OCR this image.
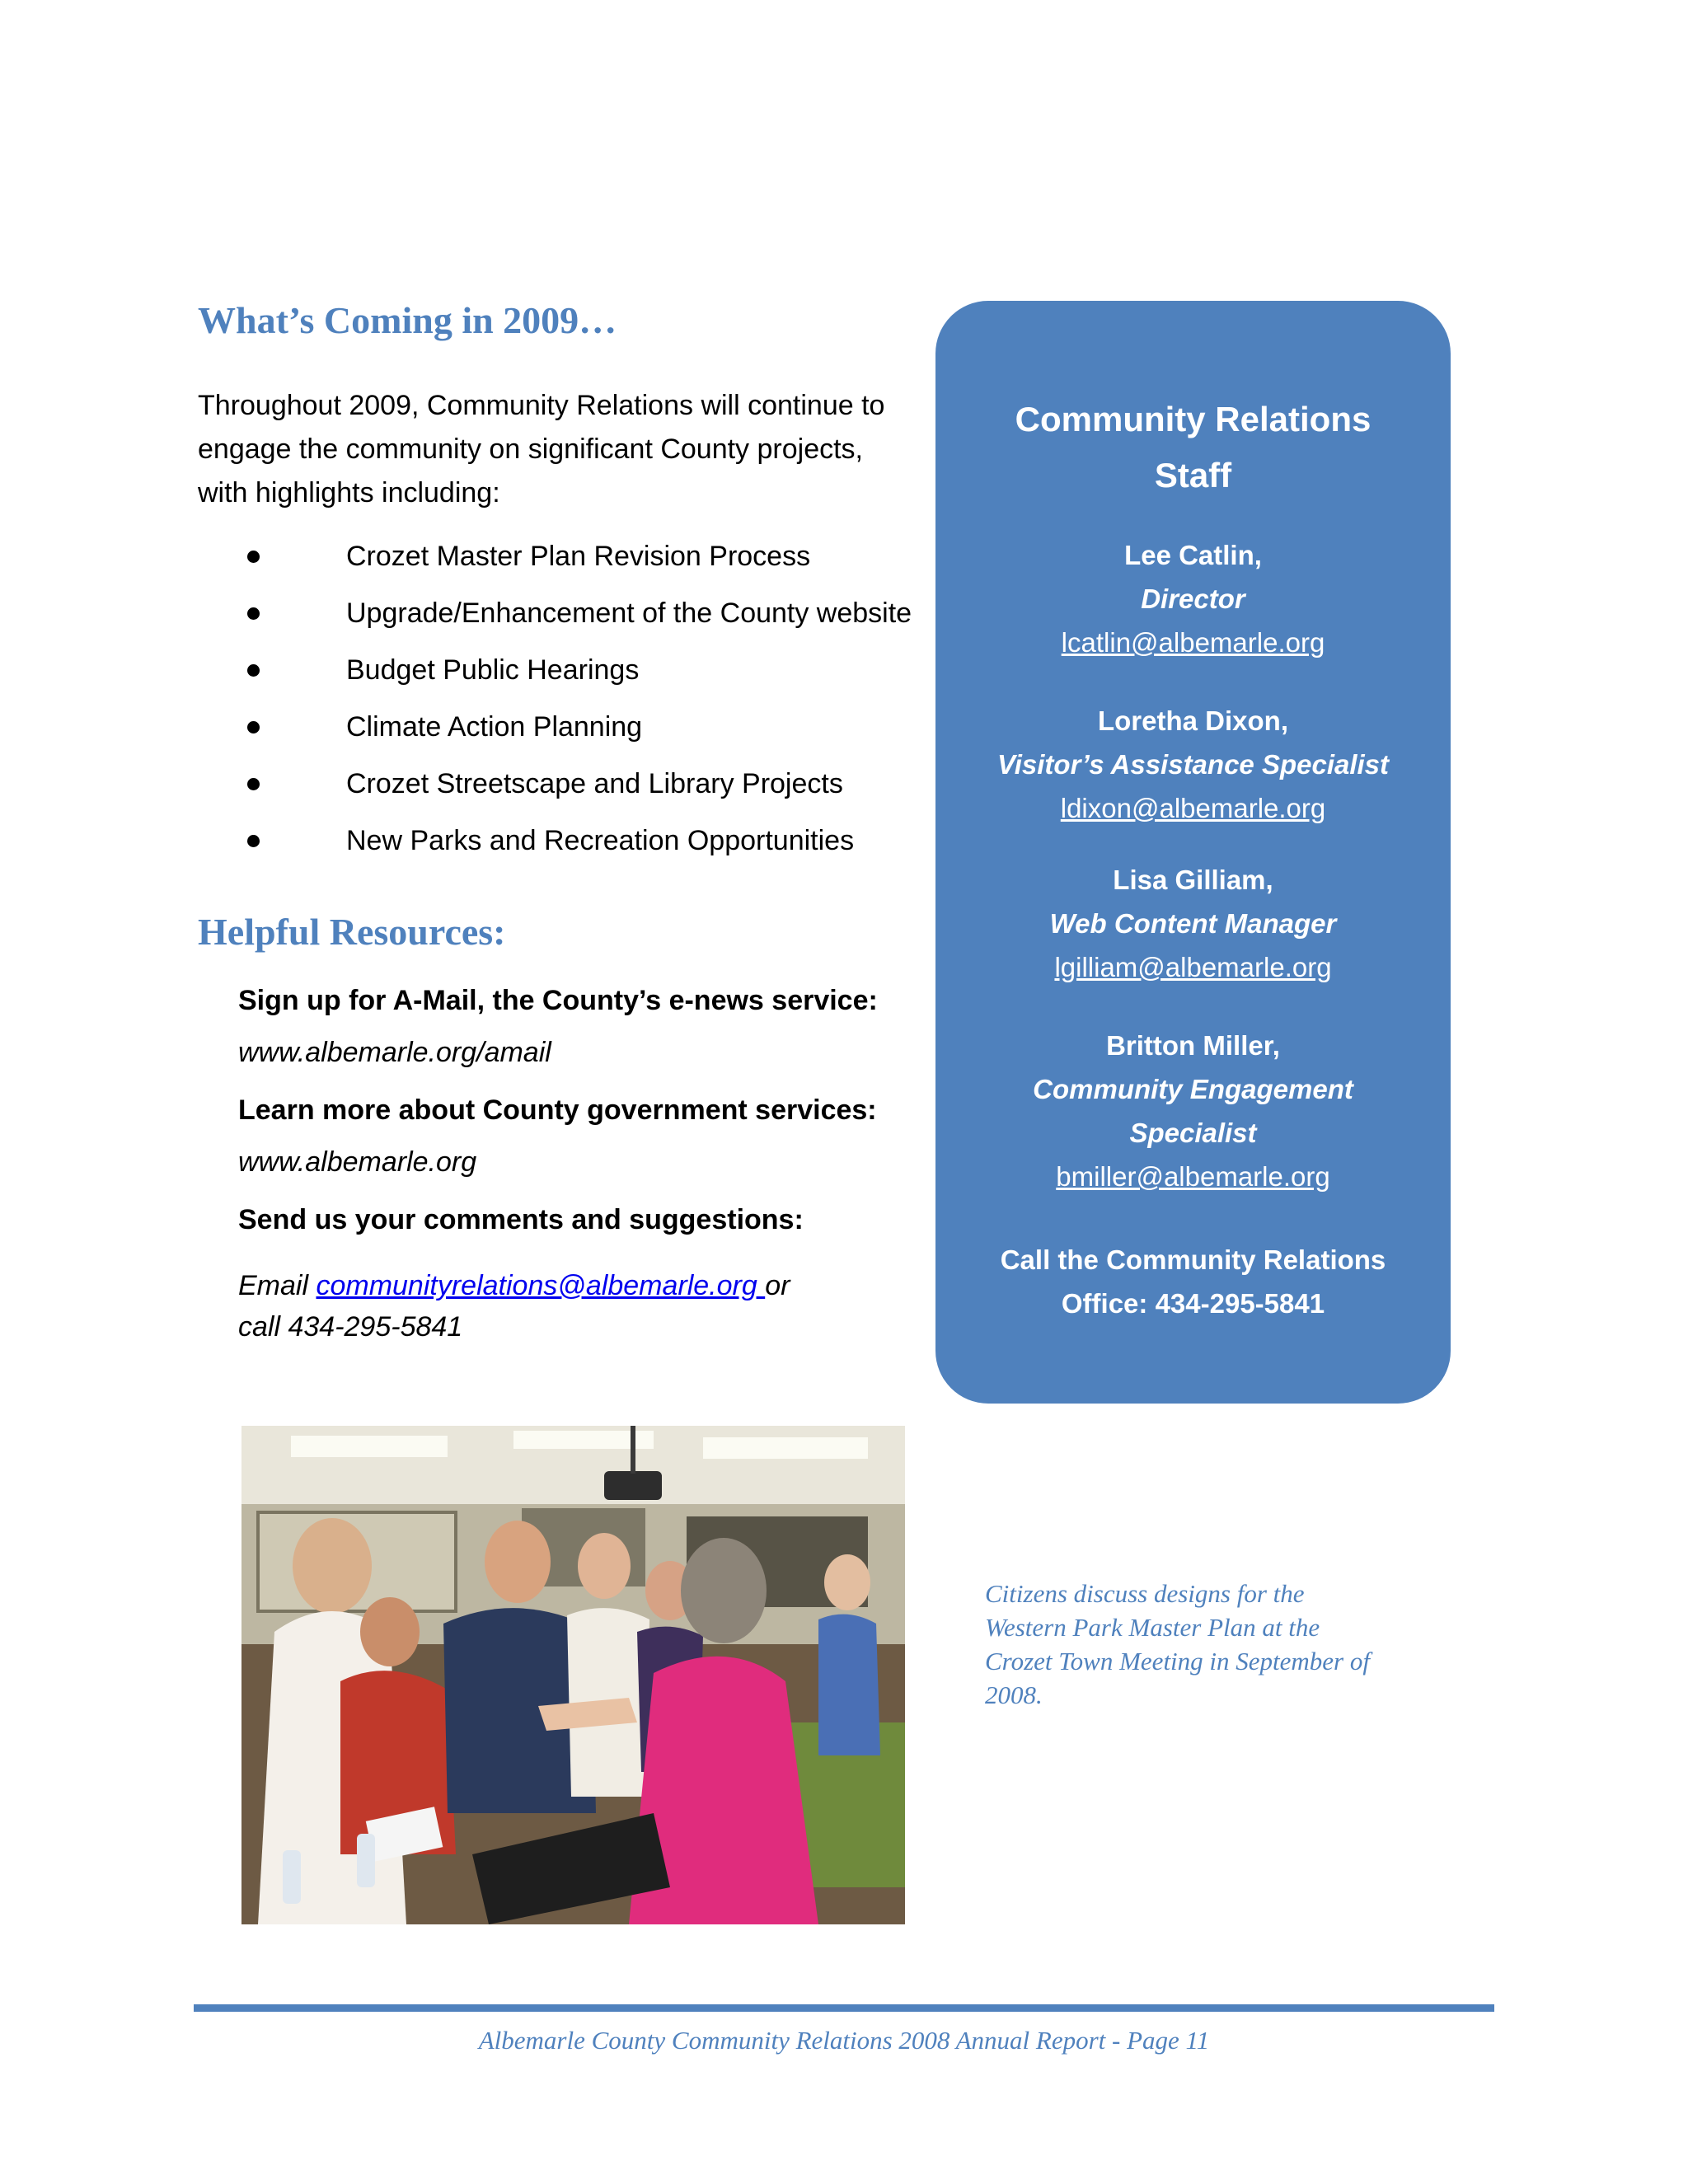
What’s Coming in 2009…
Throughout 2009, Community Relations will continue to engage the community on significant County projects, with highlights including:
Crozet Master Plan Revision Process
Upgrade/Enhancement of the County website
Budget Public Hearings
Climate Action Planning
Crozet Streetscape and Library Projects
New Parks and Recreation Opportunities
Helpful Resources:
Sign up for A-Mail, the County’s e-news service:
www.albemarle.org/amail
Learn more about County government services:
www.albemarle.org
Send us your comments and suggestions:
Email communityrelations@albemarle.org or
call 434-295-5841
Community Relations
Staff
Lee Catlin,
Director
lcatlin@albemarle.org
Loretha Dixon,
Visitor’s Assistance Specialist
ldixon@albemarle.org
Lisa Gilliam,
Web Content Manager
lgilliam@albemarle.org
Britton Miller,
Community Engagement
Specialist
bmiller@albemarle.org
Call the Community Relations
Office: 434-295-5841
Citizens discuss designs for the Western Park Master Plan at the Crozet Town Meeting in September of 2008.
Albemarle County Community Relations 2008 Annual Report - Page 11
